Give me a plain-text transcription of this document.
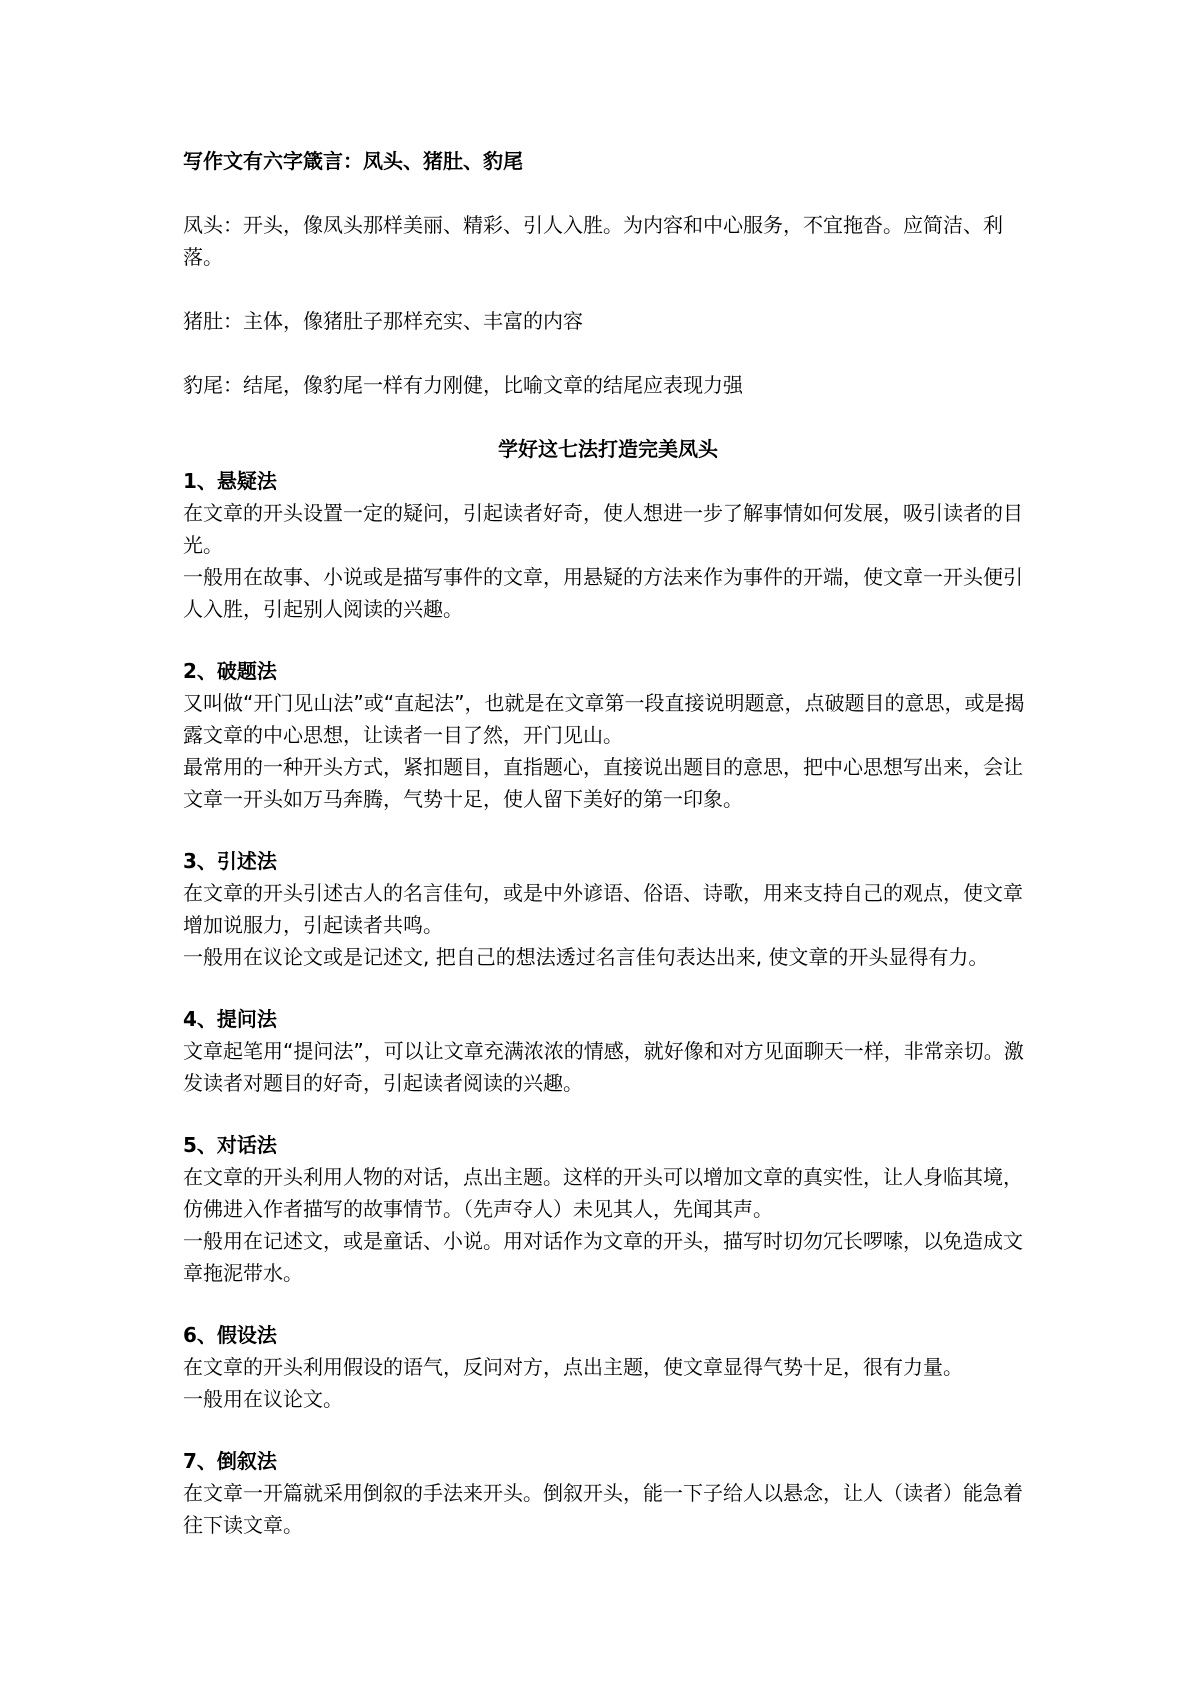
写作文有六字箴言：凤头、猪肚、豹尾

凤头：开头，像凤头那样美丽、精彩、引人入胜。为内容和中心服务，不宜拖沓。应简洁、利落。

猪肚：主体，像猪肚子那样充实、丰富的内容

豹尾：结尾，像豹尾一样有力刚健，比喻文章的结尾应表现力强

学好这七法打造完美凤头

1、悬疑法

在文章的开头设置一定的疑问，引起读者好奇，使人想进一步了解事情如何发展，吸引读者的目光。

一般用在故事、小说或是描写事件的文章，用悬疑的方法来作为事件的开端，使文章一开头便引人入胜，引起别人阅读的兴趣。

2、破题法

又叫做“开门见山法”或“直起法”，也就是在文章第一段直接说明题意，点破题目的意思，或是揭露文章的中心思想，让读者一目了然，开门见山。

最常用的一种开头方式，紧扣题目，直指题心，直接说出题目的意思，把中心思想写出来，会让文章一开头如万马奔腾，气势十足，使人留下美好的第一印象。

3、引述法

在文章的开头引述古人的名言佳句，或是中外谚语、俗语、诗歌，用来支持自己的观点，使文章增加说服力，引起读者共鸣。

一般用在议论文或是记述文, 把自己的想法透过名言佳句表达出来, 使文章的开头显得有力。

4、提问法

文章起笔用“提问法”，可以让文章充满浓浓的情感，就好像和对方见面聊天一样，非常亲切。激发读者对题目的好奇，引起读者阅读的兴趣。

5、对话法

在文章的开头利用人物的对话，点出主题。这样的开头可以增加文章的真实性，让人身临其境，仿佛进入作者描写的故事情节。（先声夺人）未见其人，先闻其声。

一般用在记述文，或是童话、小说。用对话作为文章的开头，描写时切勿冗长啰嗦，以免造成文章拖泥带水。

6、假设法

在文章的开头利用假设的语气，反问对方，点出主题，使文章显得气势十足，很有力量。

一般用在议论文。

7、倒叙法

在文章一开篇就采用倒叙的手法来开头。倒叙开头，能一下子给人以悬念，让人（读者）能急着往下读文章。
